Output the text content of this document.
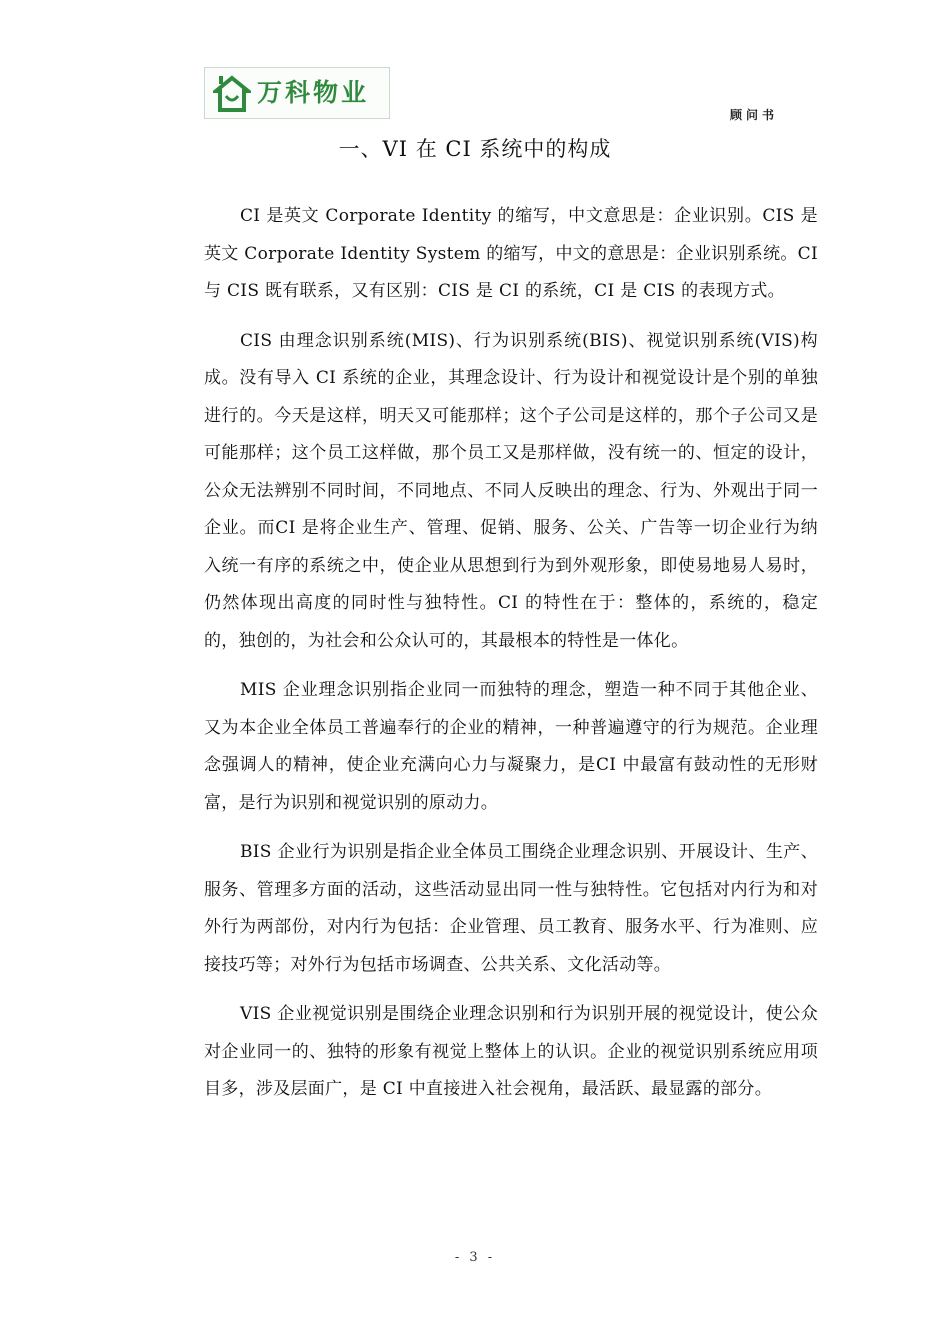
万科物业
顾问书
一、VI 在 CI 系统中的构成

CI 是英文 Corporate Identity 的缩写，中文意思是：企业识别。CIS 是英文 Corporate Identity System 的缩写，中文的意思是：企业识别系统。CI 与 CIS 既有联系，又有区别：CIS 是 CI 的系统，CI 是 CIS 的表现方式。

CIS 由理念识别系统(MIS)、行为识别系统(BIS)、视觉识别系统(VIS)构成。没有导入 CI 系统的企业，其理念设计、行为设计和视觉设计是个别的单独进行的。今天是这样，明天又可能那样；这个子公司是这样的，那个子公司又是可能那样；这个员工这样做，那个员工又是那样做，没有统一的、恒定的设计，公众无法辨别不同时间，不同地点、不同人反映出的理念、行为、外观出于同一企业。而CI 是将企业生产、管理、促销、服务、公关、广告等一切企业行为纳入统一有序的系统之中，使企业从思想到行为到外观形象，即使易地易人易时，仍然体现出高度的同时性与独特性。CI 的特性在于：整体的，系统的，稳定的，独创的，为社会和公众认可的，其最根本的特性是一体化。

MIS 企业理念识别指企业同一而独特的理念，塑造一种不同于其他企业、又为本企业全体员工普遍奉行的企业的精神，一种普遍遵守的行为规范。企业理念强调人的精神，使企业充满向心力与凝聚力，是CI 中最富有鼓动性的无形财富，是行为识别和视觉识别的原动力。

BIS 企业行为识别是指企业全体员工围绕企业理念识别、开展设计、生产、服务、管理多方面的活动，这些活动显出同一性与独特性。它包括对内行为和对外行为两部份，对内行为包括：企业管理、员工教育、服务水平、行为准则、应接技巧等；对外行为包括市场调查、公共关系、文化活动等。

VIS 企业视觉识别是围绕企业理念识别和行为识别开展的视觉设计，使公众对企业同一的、独特的形象有视觉上整体上的认识。企业的视觉识别系统应用项目多，涉及层面广，是 CI 中直接进入社会视角，最活跃、最显露的部分。

- 3 -
